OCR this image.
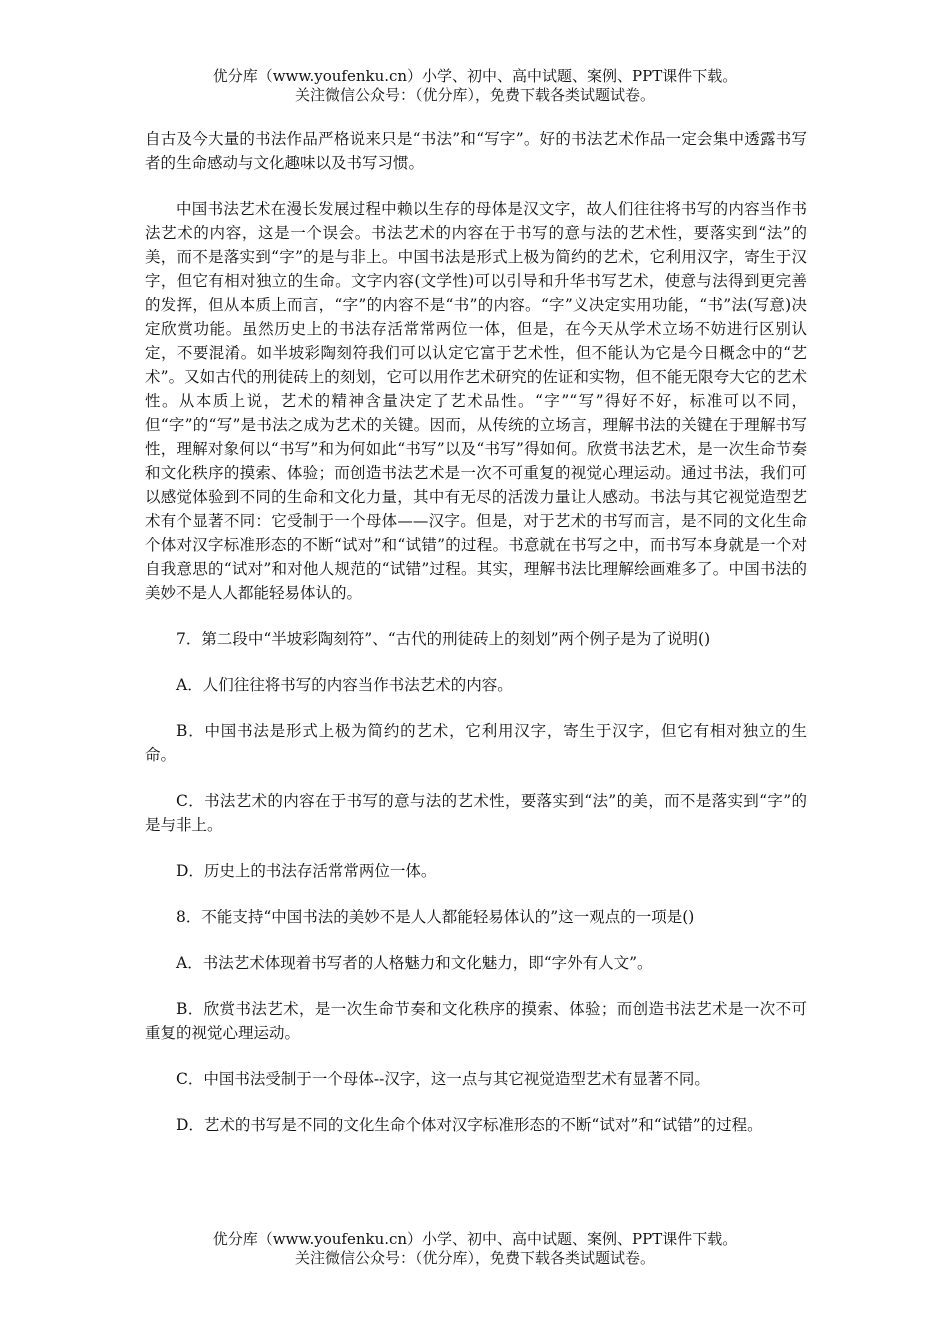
优分库（www.youfenku.cn）小学、初中、高中试题、案例、PPT课件下载。
关注微信公众号：（优分库），免费下载各类试题试卷。

自古及今大量的书法作品严格说来只是“书法”和“写字”。好的书法艺术作品一定会集中透露书写者的生命感动与文化趣味以及书写习惯。

中国书法艺术在漫长发展过程中赖以生存的母体是汉文字，故人们往往将书写的内容当作书法艺术的内容，这是一个误会。书法艺术的内容在于书写的意与法的艺术性，要落实到“法”的美，而不是落实到“字”的是与非上。中国书法是形式上极为简约的艺术，它利用汉字，寄生于汉字，但它有相对独立的生命。文字内容(文学性)可以引导和升华书写艺术，使意与法得到更完善的发挥，但从本质上而言，“字”的内容不是“书”的内容。“字”义决定实用功能，“书”法(写意)决定欣赏功能。虽然历史上的书法存活常常两位一体，但是，在今天从学术立场不妨进行区别认定，不要混淆。如半坡彩陶刻符我们可以认定它富于艺术性，但不能认为它是今日概念中的“艺术”。又如古代的刑徒砖上的刻划，它可以用作艺术研究的佐证和实物，但不能无限夸大它的艺术性。从本质上说，艺术的精神含量决定了艺术品性。“字”“写”得好不好，标准可以不同，但“字”的“写”是书法之成为艺术的关键。因而，从传统的立场言，理解书法的关键在于理解书写性，理解对象何以“书写”和为何如此“书写”以及“书写”得如何。欣赏书法艺术，是一次生命节奏和文化秩序的摸索、体验；而创造书法艺术是一次不可重复的视觉心理运动。通过书法，我们可以感觉体验到不同的生命和文化力量，其中有无尽的活泼力量让人感动。书法与其它视觉造型艺术有个显著不同：它受制于一个母体——汉字。但是，对于艺术的书写而言，是不同的文化生命个体对汉字标准形态的不断“试对”和“试错”的过程。书意就在书写之中，而书写本身就是一个对自我意思的“试对”和对他人规范的“试错”过程。其实，理解书法比理解绘画难多了。中国书法的美妙不是人人都能轻易体认的。

7．第二段中“半坡彩陶刻符”、“古代的刑徒砖上的刻划”两个例子是为了说明()

A．人们往往将书写的内容当作书法艺术的内容。

B．中国书法是形式上极为简约的艺术，它利用汉字，寄生于汉字，但它有相对独立的生命。

C．书法艺术的内容在于书写的意与法的艺术性，要落实到“法”的美，而不是落实到“字”的是与非上。

D．历史上的书法存活常常两位一体。

8．不能支持“中国书法的美妙不是人人都能轻易体认的”这一观点的一项是()

A．书法艺术体现着书写者的人格魅力和文化魅力，即“字外有人文”。

B．欣赏书法艺术，是一次生命节奏和文化秩序的摸索、体验；而创造书法艺术是一次不可重复的视觉心理运动。

C．中国书法受制于一个母体--汉字，这一点与其它视觉造型艺术有显著不同。

D．艺术的书写是不同的文化生命个体对汉字标准形态的不断“试对”和“试错”的过程。

优分库（www.youfenku.cn）小学、初中、高中试题、案例、PPT课件下载。
关注微信公众号：（优分库），免费下载各类试题试卷。
